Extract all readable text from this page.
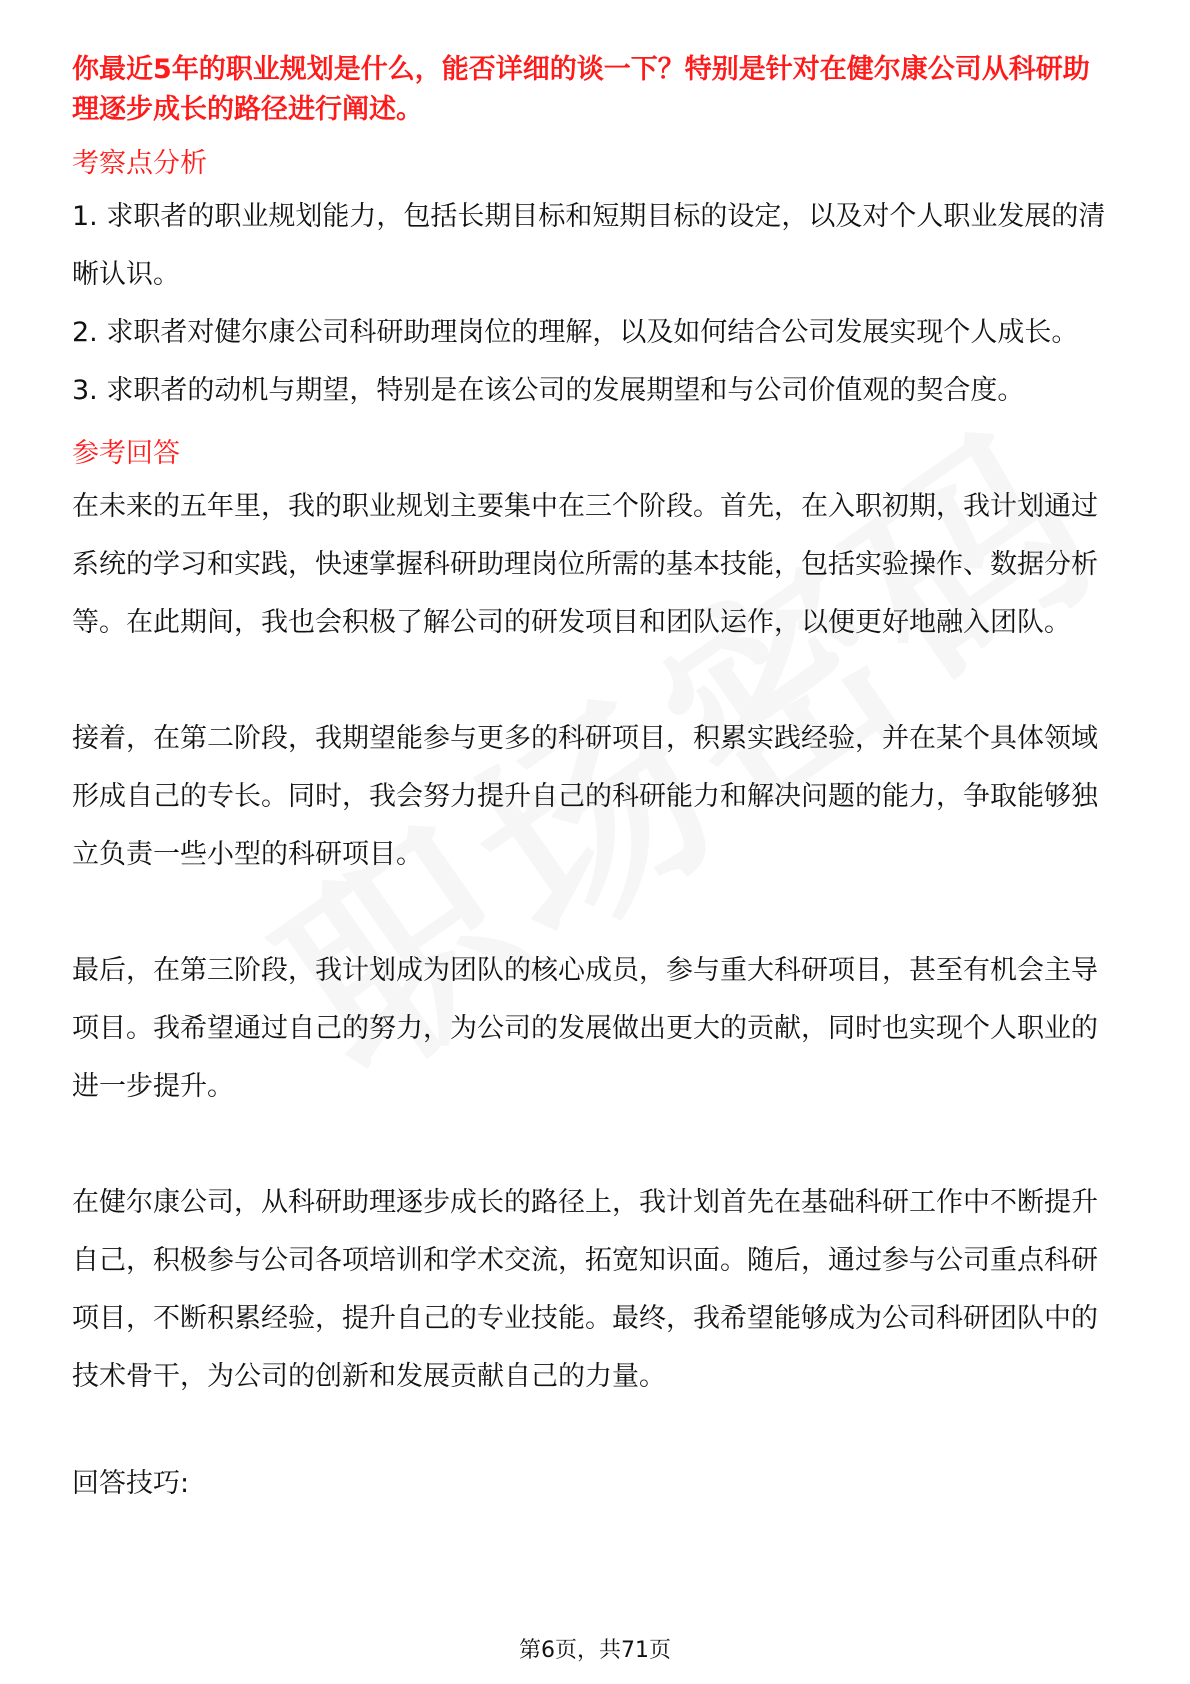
你最近5年的职业规划是什么，能否详细的谈一下？特别是针对在健尔康公司从科研助理逐步成长的路径进行阐述。

考察点分析

1. 求职者的职业规划能力，包括长期目标和短期目标的设定，以及对个人职业发展的清晰认识。

2. 求职者对健尔康公司科研助理岗位的理解，以及如何结合公司发展实现个人成长。

3. 求职者的动机与期望，特别是在该公司的发展期望和与公司价值观的契合度。

参考回答

在未来的五年里，我的职业规划主要集中在三个阶段。首先，在入职初期，我计划通过系统的学习和实践，快速掌握科研助理岗位所需的基本技能，包括实验操作、数据分析等。在此期间，我也会积极了解公司的研发项目和团队运作，以便更好地融入团队。

接着，在第二阶段，我期望能参与更多的科研项目，积累实践经验，并在某个具体领域形成自己的专长。同时，我会努力提升自己的科研能力和解决问题的能力，争取能够独立负责一些小型的科研项目。

最后，在第三阶段，我计划成为团队的核心成员，参与重大科研项目，甚至有机会主导项目。我希望通过自己的努力，为公司的发展做出更大的贡献，同时也实现个人职业的进一步提升。

在健尔康公司，从科研助理逐步成长的路径上，我计划首先在基础科研工作中不断提升自己，积极参与公司各项培训和学术交流，拓宽知识面。随后，通过参与公司重点科研项目，不断积累经验，提升自己的专业技能。最终，我希望能够成为公司科研团队中的技术骨干，为公司的创新和发展贡献自己的力量。

回答技巧:

第6页，共71页
